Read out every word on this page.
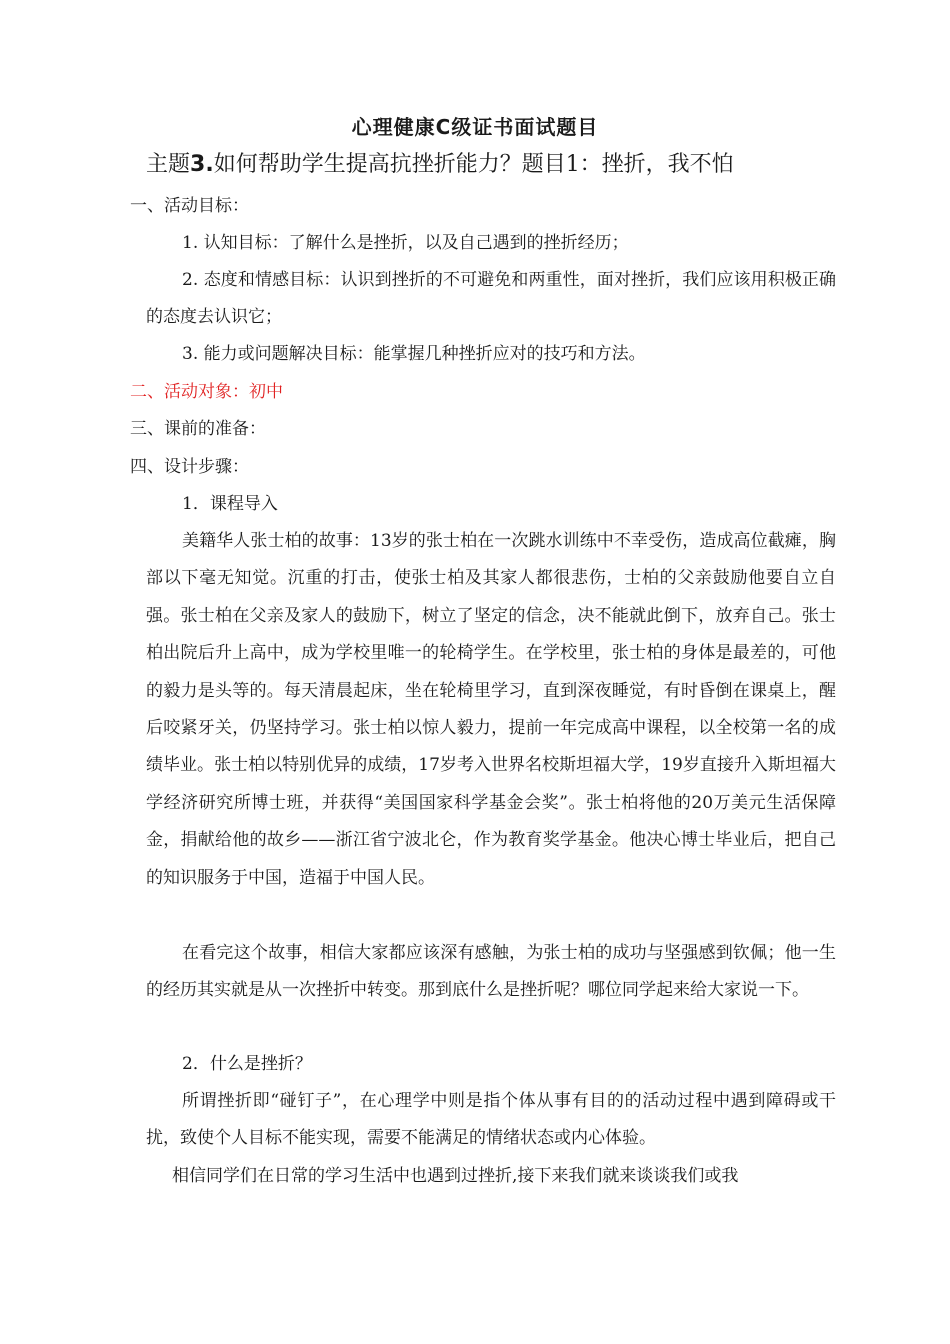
心理健康C级证书面试题目
主题3.如何帮助学生提高抗挫折能力？题目1：挫折，我不怕
一、活动目标：
1. 认知目标：了解什么是挫折，以及自己遇到的挫折经历；
2. 态度和情感目标：认识到挫折的不可避免和两重性，面对挫折，我们应该用积极正确的态度去认识它；
3. 能力或问题解决目标：能掌握几种挫折应对的技巧和方法。
二、活动对象：初中
三、课前的准备：
四、设计步骤：
1．课程导入
美籍华人张士柏的故事：13岁的张士柏在一次跳水训练中不幸受伤，造成高位截瘫，胸部以下毫无知觉。沉重的打击，使张士柏及其家人都很悲伤，士柏的父亲鼓励他要自立自强。张士柏在父亲及家人的鼓励下，树立了坚定的信念，决不能就此倒下，放弃自己。张士柏出院后升上高中，成为学校里唯一的轮椅学生。在学校里，张士柏的身体是最差的，可他的毅力是头等的。每天清晨起床，坐在轮椅里学习，直到深夜睡觉，有时昏倒在课桌上，醒后咬紧牙关，仍坚持学习。张士柏以惊人毅力，提前一年完成高中课程，以全校第一名的成绩毕业。张士柏以特别优异的成绩，17岁考入世界名校斯坦福大学，19岁直接升入斯坦福大学经济研究所博士班，并获得“美国国家科学基金会奖”。张士柏将他的20万美元生活保障金，捐献给他的故乡——浙江省宁波北仑，作为教育奖学基金。他决心博士毕业后，把自己的知识服务于中国，造福于中国人民。
在看完这个故事，相信大家都应该深有感触，为张士柏的成功与坚强感到钦佩；他一生的经历其实就是从一次挫折中转变。那到底什么是挫折呢？哪位同学起来给大家说一下。
2．什么是挫折？
所谓挫折即“碰钉子”，在心理学中则是指个体从事有目的的活动过程中遇到障碍或干扰，致使个人目标不能实现，需要不能满足的情绪状态或内心体验。
相信同学们在日常的学习生活中也遇到过挫折,接下来我们就来谈谈我们或我
